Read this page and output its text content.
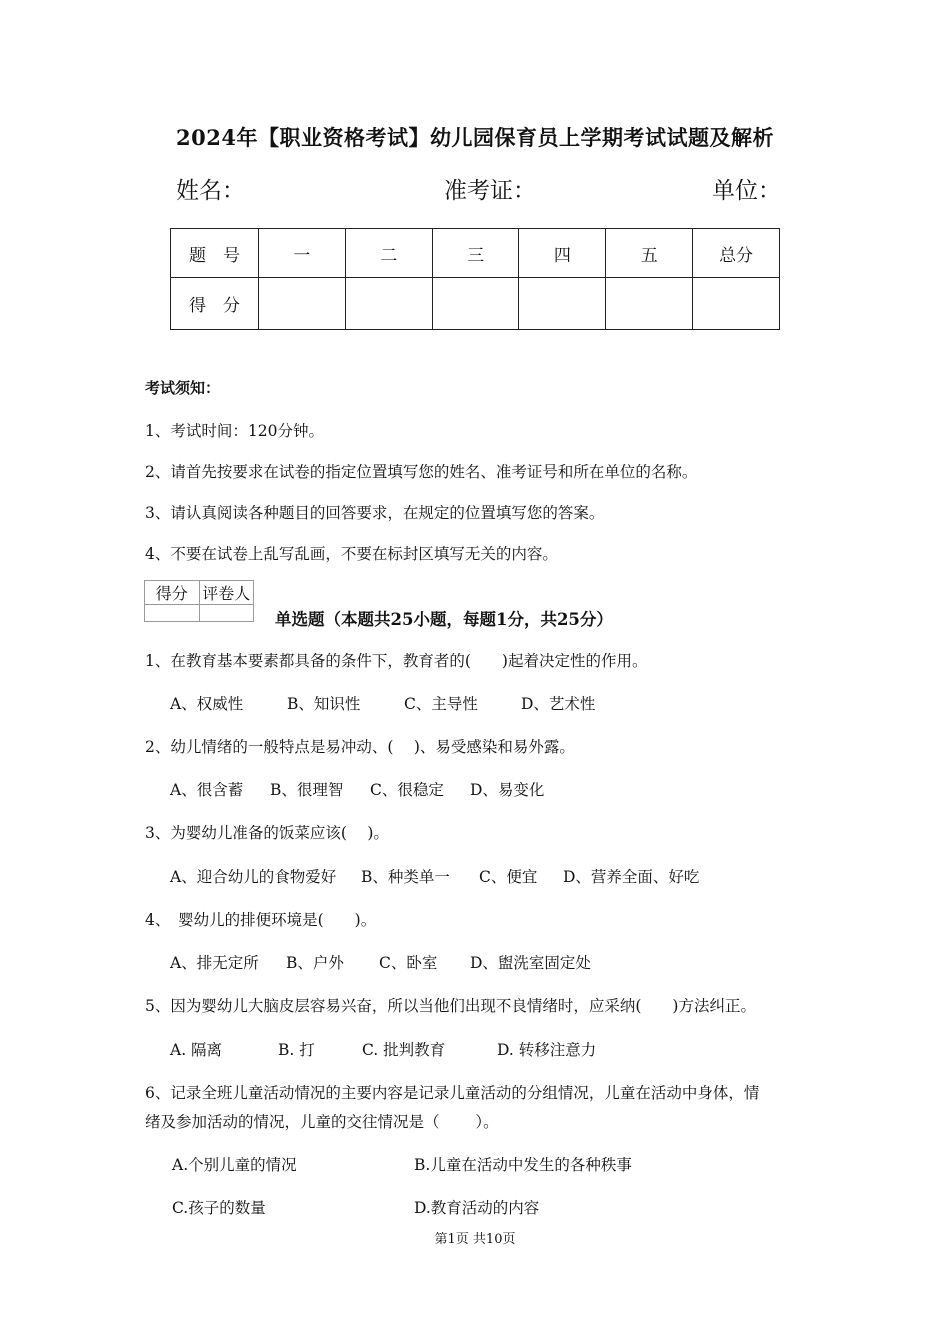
2024年【职业资格考试】幼儿园保育员上学期考试试题及解析
姓名：	准考证：	单位：
题　号	一	二	三	四	五	总分
得　分						
考试须知：
1、考试时间：120分钟。
2、请首先按要求在试卷的指定位置填写您的姓名、准考证号和所在单位的名称。
3、请认真阅读各种题目的回答要求，在规定的位置填写您的答案。
4、不要在试卷上乱写乱画，不要在标封区填写无关的内容。
得分	评卷人

单选题（本题共25小题，每题1分，共25分）
1、在教育基本要素都具备的条件下，教育者的(　　)起着决定性的作用。
A、权威性	B、知识性	C、主导性	D、艺术性
2、幼儿情绪的一般特点是易冲动、(　 )、易受感染和易外露。
A、很含蓄 B、很理智 C、很稳定 D、易变化
3、为婴幼儿准备的饭菜应该(　 )。
A、迎合幼儿的食物爱好 B、种类单一 C、便宜 D、营养全面、好吃
4、　婴幼儿的排便环境是(　　)。
A、排无定所 B、户外 C、卧室 D、盥洗室固定处
5、因为婴幼儿大脑皮层容易兴奋，所以当他们出现不良情绪时，应采纳(　　)方法纠正。
A. 隔离	B. 打	C. 批判教育	D. 转移注意力
6、记录全班儿童活动情况的主要内容是记录儿童活动的分组情况，儿童在活动中身体，情
绪及参加活动的情况，儿童的交往情况是（　　 ）。
A.个别儿童的情况	B.儿童在活动中发生的各种秩事
C.孩子的数量	D.教育活动的内容
第1页 共10页
